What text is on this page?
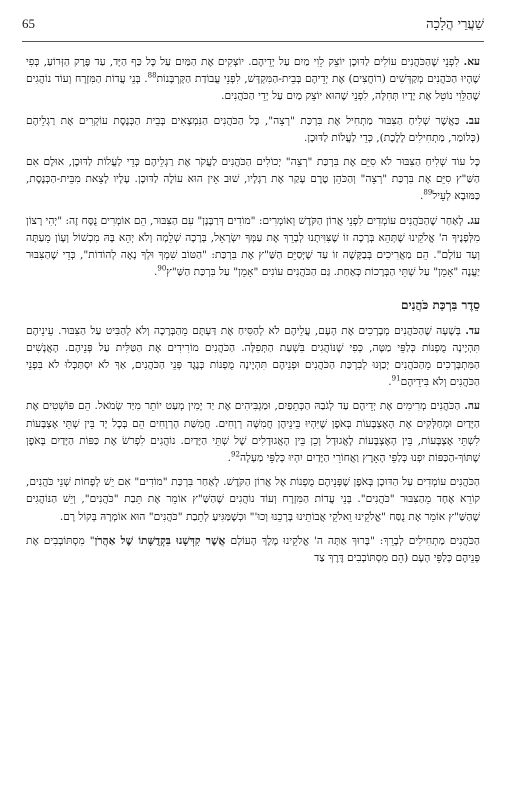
65	שַׁעֲרֵי הֲלָכָה

עא. לִפְנֵי שֶׁהַכֹּהֲנִים עוֹלִים לַדּוּכָן יוֹצֵק לֵוִי מַיִם עַל יְדֵיהֶם. יוֹצְקִים אֶת הַמַּיִם עַל כָּל כַּף הַיָּד, עַד פֶּרֶק הַזְּרוֹעַ, כְּפִי שֶׁהָיוּ הַכֹּהֲנִים מְקַדְּשִׁים (רוֹחֲצִים) אֶת יְדֵיהֶם בְּבֵית-הַמִּקְדָּשׁ, לִפְנֵי עֲבוֹדַת הַקָּרְבָּנוֹת$^{88}$. בְּנֵי עֲדוֹת הַמִּזְרָח וְעוֹד נוֹהֲגִים שֶׁהַלֵּוִי נוֹטֵל אֶת יָדָיו תְּחִלָּה, לִפְנֵי שֶׁהוּא יוֹצֵק מַיִם עַל יְדֵי הַכֹּהֲנִים.

עב. כַּאֲשֶׁר שְׁלִיחַ הַצִּבּוּר מַתְחִיל אֶת בִּרְכַּת "רְצֵה", כָּל הַכֹּהֲנִים הַנִּמְצָאִים בְּבֵית הַכְּנֶסֶת עוֹקְרִים אֶת רַגְלֵיהֶם (כְּלוֹמַר, מַתְחִילִים לָלֶכֶת), כְּדֵי לַעֲלוֹת לַדּוּכָן.

כָּל עוֹד שְׁלִיחַ הַצִּבּוּר לֹא סִיֵּם אֶת בִּרְכַּת "רְצֵה" יְכוֹלִים הַכֹּהֲנִים לַעֲקֹר אֶת רַגְלֵיהֶם כְּדֵי לַעֲלוֹת לַדּוּכָן, אוּלָם אִם הַשַּׁ"ץ סִיֵּם אֶת בִּרְכַּת "רְצֵה" וְהַכֹּהֵן טֶרֶם עָקַר אֶת רַגְלָיו, שׁוּב אֵין הוּא עוֹלֶה לַדּוּכָן. עָלָיו לָצֵאת מִבֵּית-הַכְּנֶסֶת, כַּמּוּבָא לְעֵיל$^{89}$.

עג. לְאַחַר שֶׁהַכֹּהֲנִים עוֹמְדִים לִפְנֵי אֲרוֹן הַקֹּדֶשׁ וְאוֹמְרִים: "מוֹדִים דְּרַבָּנָן" עִם הַצִּבּוּר, הֵם אוֹמְרִים נֻסָּח זֶה: "יְהִי רָצוֹן מִלְּפָנֶיךָ ה' אֱלֹקֵינוּ שֶׁתְּהֵא בְּרָכָה זוֹ שֶׁצִּוִּיתָנוּ לְבָרֵךְ אֶת עַמְּךָ יִשְׂרָאֵל, בְּרָכָה שְׁלֵמָה וְלֹא יְהֵא בָּהּ מִכְשׁוֹל וְעָוֹן מֵעַתָּה וְעַד עוֹלָם". הֵם מַאֲרִיכִים בְּבַקָּשָׁה זוֹ עַד שֶׁיְּסַיֵּם הַשַּׁ"ץ אֶת בִּרְכַּת: "הַטּוֹב שִׁמְךָ וּלְךָ נָאֶה לְהוֹדוֹת", כְּדֵי שֶׁהַצִּבּוּר יַעֲנֶה "אָמֵן" עַל שְׁתֵּי הַבְּרָכוֹת כְּאַחַת. גַּם הַכֹּהֲנִים עוֹנִים "אָמֵן" עַל בִּרְכַּת הַשַּׁ"ץ$^{90}$.

סֵדֶר בִּרְכַּת כֹּהֲנִים

עד. בְּשָׁעָה שֶׁהַכֹּהֲנִים מְבָרְכִים אֶת הָעָם, עֲלֵיהֶם לֹא לְהַסִּיחַ אֶת דַּעְתָּם מֵהַבְּרָכָה וְלֹא לְהַבִּיט עַל הַצִּבּוּר. עֵינֵיהֶם תִּהְיֶינָה מֻפְנוֹת כְּלַפֵּי מַטָּה, כְּפִי שֶׁנּוֹהֲגִים בִּשְׁעַת הַתְּפִלָּה. הַכֹּהֲנִים מוֹרִידִים אֶת הַטַּלִּית עַל פְּנֵיהֶם. הָאֲנָשִׁים הַמִּתְבָּרְכִים מֵהַכֹּהֲנִים יְכַוְּנוּ לְבִרְכַּת הַכֹּהֲנִים וּפְנֵיהֶם תִּהְיֶינָה מֻפְנוֹת כְּנֶגֶד פְּנֵי הַכֹּהֲנִים, אַךְ לֹא יִסְתַּכְּלוּ לֹא בִּפְנֵי הַכֹּהֲנִים וְלֹא בִּידֵיהֶם$^{91}$.

עה. הַכֹּהֲנִים מְרִימִים אֶת יְדֵיהֶם עַד לְגֹבַהּ הַכְּתֵפַיִם, וּמַגְבִּיהִים אֶת יַד יָמִין מְעַט יוֹתֵר מִיַּד שְׂמֹאל. הֵם פּוֹשְׁטִים אֶת הַיָּדַיִם וּמְחַלְּקִים אֶת הָאֶצְבָּעוֹת בְּאֹפֶן שֶׁיִּהְיוּ בֵּינֵיהֶן חֲמִשָּׁה רְוָחִים. חֲמִשַּׁת הָרְוָחִים הֵם בְּכָל יָד בֵּין שְׁתֵּי אֶצְבָּעוֹת לִשְׁתֵּי אֶצְבָּעוֹת, בֵּין הָאֶצְבָּעוֹת לָאֲגוּדָל וְכֵן בֵּין הָאֲגוּדָלִים שֶׁל שְׁתֵּי הַיָּדַיִם. נוֹהֲגִים לִפְרֹשׂ אֶת כַּפּוֹת הַיָּדַיִם בְּאֹפֶן שֶׁתּוֹךְ-הַכַּפּוֹת יִפְנוּ כְּלַפֵּי הָאָרֶץ וַאֲחוֹרֵי הַיָּדַיִם יִהְיוּ כְּלַפֵּי מַעְלָה$^{92}$.

הַכֹּהֲנִים עוֹמְדִים עַל הַדּוּכָן בְּאֹפֶן שֶׁפְּנֵיהֶם מֻפְנוֹת אֶל אֲרוֹן הַקֹּדֶשׁ. לְאַחַר בִּרְכַּת "מוֹדִים" אִם יֵשׁ לְפָחוֹת שְׁנֵי כֹּהֲנִים, קוֹרֵא אֶחָד מֵהַצִּבּוּר "כֹּהֲנִים". בְּנֵי עֲדוֹת הַמִּזְרָח וְעוֹד נוֹהֲגִים שֶׁהַשַּׁ"ץ אוֹמֵר אֶת תֵּבַת "כֹּהֲנִים", וְיֵשׁ הַנּוֹהֲגִים שֶׁהַשַּׁ"ץ אוֹמֵר אֶת נֻסַּח "אֱלֹקֵינוּ וֵאלֹקֵי אֲבוֹתֵינוּ בָּרְכֵנוּ וְכוּ'" וּכְשֶׁמַּגִּיעַ לְתֵבַת "כֹּהֲנִים" הוּא אוֹמְרָהּ בְּקוֹל רָם.

הַכֹּהֲנִים מַתְחִילִים לְבָרֵךְ: "בָּרוּךְ אַתָּה ה' אֱלֹקֵינוּ מֶלֶךְ הָעוֹלָם אֲשֶׁר קִדְּשָׁנוּ בִּקְדֻשָּׁתוֹ שֶׁל אַהֲרֹן" מִסְתּוֹבְבִים אֶת פְּנֵיהֶם כְּלַפֵּי הָעָם (הֵם מִסְתּוֹבְבִים דֶּרֶךְ צַד
